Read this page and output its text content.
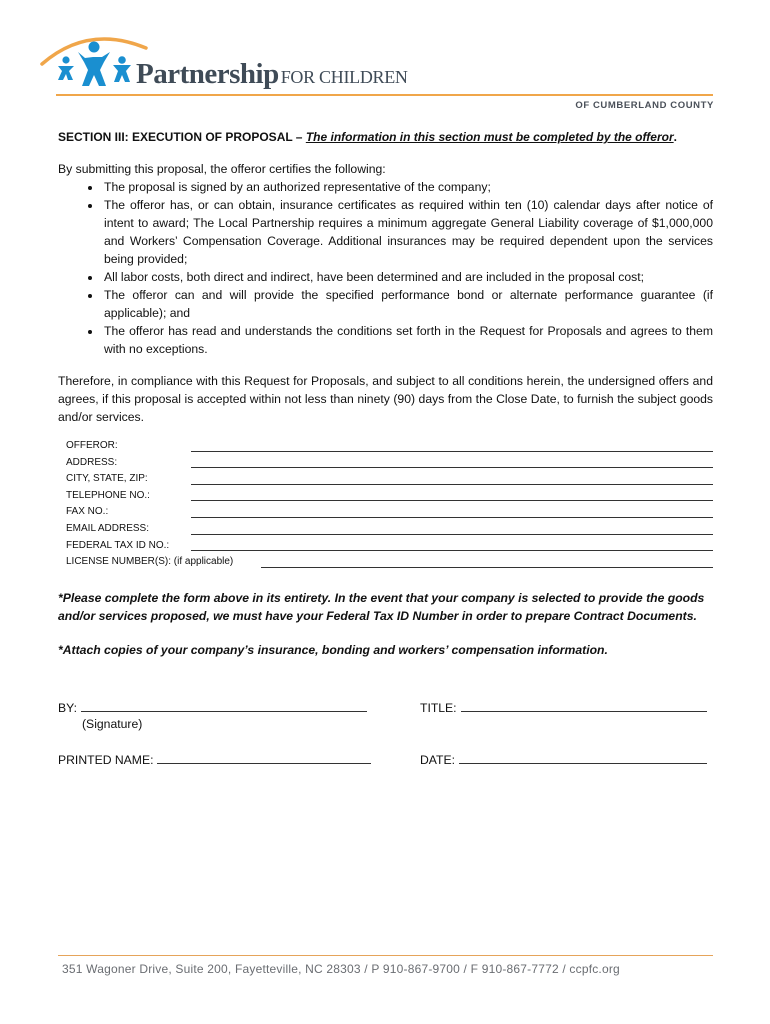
Partnership FOR CHILDREN
OF CUMBERLAND COUNTY

SECTION III: EXECUTION OF PROPOSAL – The information in this section must be completed by the offeror.

By submitting this proposal, the offeror certifies the following:

• The proposal is signed by an authorized representative of the company;
• The offeror has, or can obtain, insurance certificates as required within ten (10) calendar days after notice of intent to award; The Local Partnership requires a minimum aggregate General Liability coverage of $1,000,000 and Workers’ Compensation Coverage. Additional insurances may be required dependent upon the services being provided;
• All labor costs, both direct and indirect, have been determined and are included in the proposal cost;
• The offeror can and will provide the specified performance bond or alternate performance guarantee (if applicable); and
• The offeror has read and understands the conditions set forth in the Request for Proposals and agrees to them with no exceptions.

Therefore, in compliance with this Request for Proposals, and subject to all conditions herein, the undersigned offers and agrees, if this proposal is accepted within not less than ninety (90) days from the Close Date, to furnish the subject goods and/or services.

OFFEROR:
ADDRESS:
CITY, STATE, ZIP:
TELEPHONE NO.:
FAX NO.:
EMAIL ADDRESS:
FEDERAL TAX ID NO.:
LICENSE NUMBER(S): (if applicable)

*Please complete the form above in its entirety. In the event that your company is selected to provide the goods and/or services proposed, we must have your Federal Tax ID Number in order to prepare Contract Documents.

*Attach copies of your company’s insurance, bonding and workers’ compensation information.

BY:
(Signature)
TITLE:
PRINTED NAME:	DATE:
351 Wagoner Drive, Suite 200, Fayetteville, NC 28303 / P 910-867-9700 / F 910-867-7772 / ccpfc.org
